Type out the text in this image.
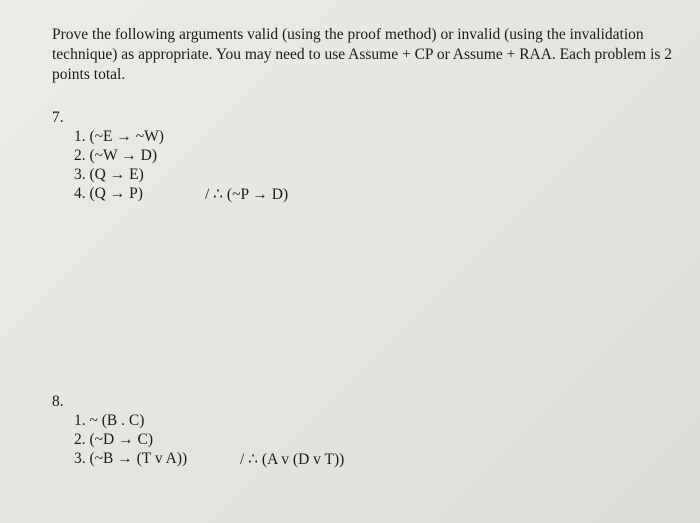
Prove the following arguments valid (using the proof method) or invalid (using the invalidation technique) as appropriate. You may need to use Assume + CP or Assume + RAA. Each problem is 2 points total.

7.
1. (~E → ~W)
2. (~W → D)
3. (Q → E)
4. (Q → P)	/ ∴ (~P → D)
8.
1. ~ (B . C)
2. (~D → C)
3. (~B → (T v A))	/ ∴ (A v (D v T))
